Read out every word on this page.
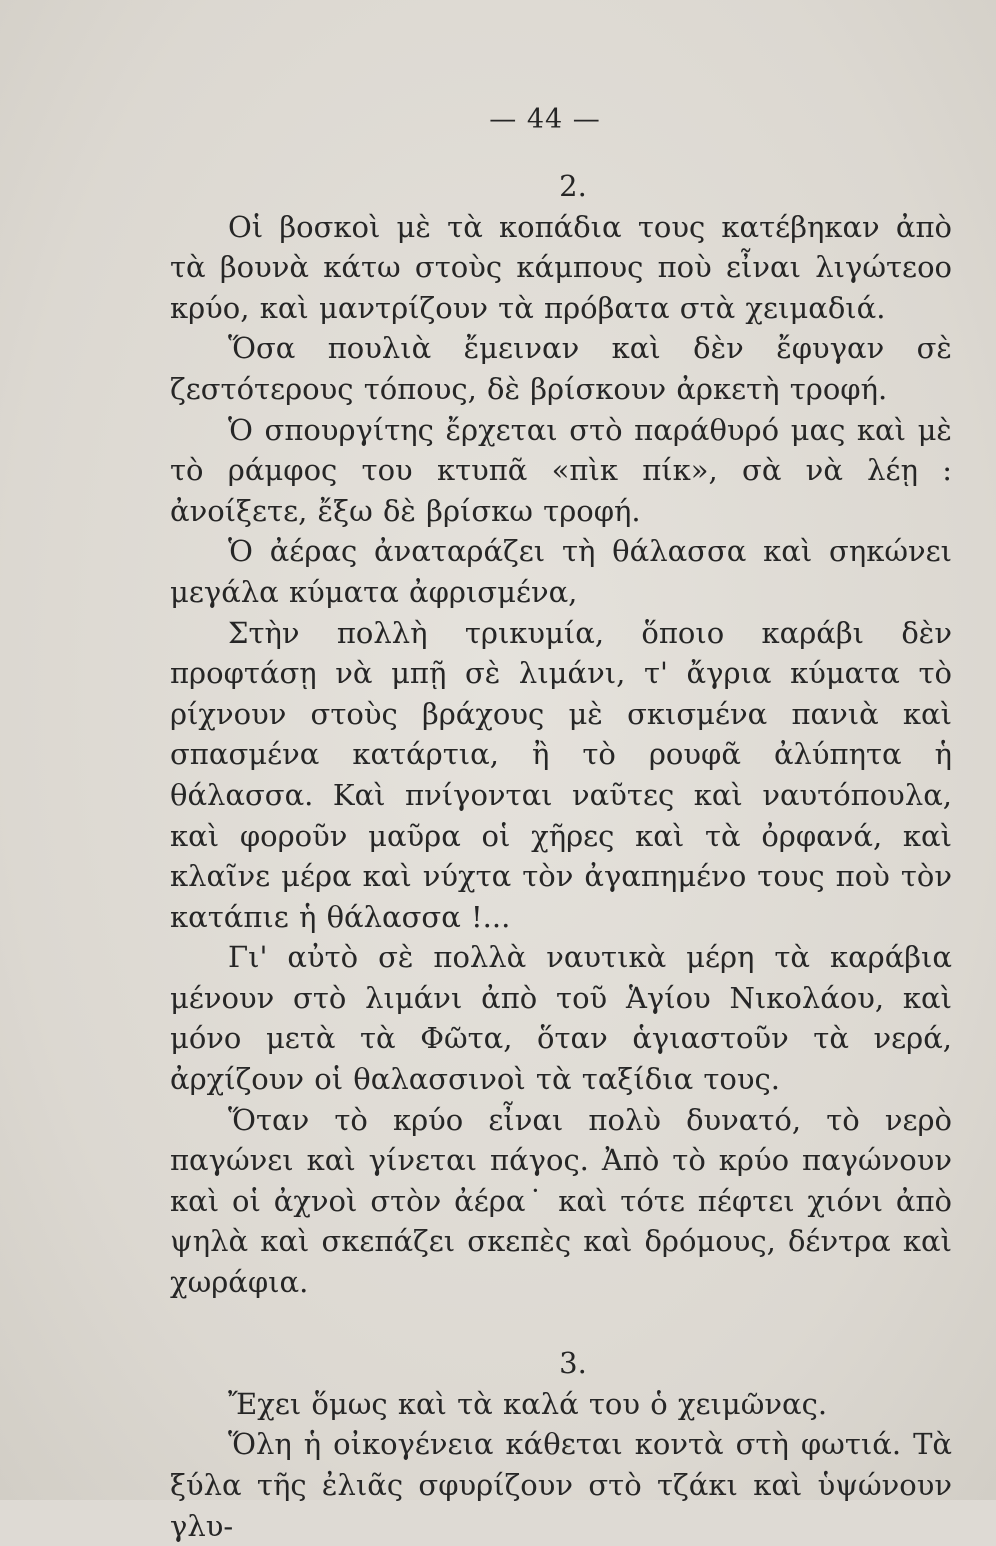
— 44 —
2.

Οἱ βοσκοὶ μὲ τὰ κοπάδια τους κατέβηκαν ἀπὸ τὰ βουνὰ κάτω στοὺς κάμπους ποὺ εἶναι λιγώτεοο κρύο, καὶ μαντρίζουν τὰ πρόβατα στὰ χειμαδιά.

Ὅσα πουλιὰ ἔμειναν καὶ δὲν ἔφυγαν σὲ ζεστότερους τόπους, δὲ βρίσκουν ἀρκετὴ τροφή.

Ὁ σπουργίτης ἔρχεται στὸ παράθυρό μας καὶ μὲ τὸ ράμφος του κτυπᾶ «πὶκ πίκ», σὰ νὰ λέῃ : ἀνοίξετε, ἔξω δὲ βρίσκω τροφή.

Ὁ ἀέρας ἀναταράζει τὴ θάλασσα καὶ σηκώνει μεγάλα κύματα ἀφρισμένα,

Στὴν πολλὴ τρικυμία, ὅποιο καράβι δὲν προφτάσῃ νὰ μπῇ σὲ λιμάνι, τ' ἄγρια κύματα τὸ ρίχνουν στοὺς βράχους μὲ σκισμένα πανιὰ καὶ σπασμένα κατάρτια, ἢ τὸ ρουφᾶ ἀλύπητα ἡ θάλασσα. Καὶ πνίγονται ναῦτες καὶ ναυτόπουλα, καὶ φοροῦν μαῦρα οἱ χῆρες καὶ τὰ ὀρφανά, καὶ κλαῖνε μέρα καὶ νύχτα τὸν ἀγαπημένο τους ποὺ τὸν κατάπιε ἡ θάλασσα !...

Γι' αὐτὸ σὲ πολλὰ ναυτικὰ μέρη τὰ καράβια μένουν στὸ λιμάνι ἀπὸ τοῦ Ἁγίου Νικολάου, καὶ μόνο μετὰ τὰ Φῶτα, ὅταν ἁγιαστοῦν τὰ νερά, ἀρχίζουν οἱ θαλασσινοὶ τὰ ταξίδια τους.

Ὅταν τὸ κρύο εἶναι πολὺ δυνατό, τὸ νερὸ παγώνει καὶ γίνεται πάγος. Ἀπὸ τὸ κρύο παγώνουν καὶ οἱ ἀχνοὶ στὸν ἀέρα˙ καὶ τότε πέφτει χιόνι ἀπὸ ψηλὰ καὶ σκεπάζει σκεπὲς καὶ δρόμους, δέντρα καὶ χωράφια.

3.

Ἔχει ὅμως καὶ τὰ καλά του ὁ χειμῶνας.

Ὅλη ἡ οἰκογένεια κάθεται κοντὰ στὴ φωτιά. Τὰ ξύλα τῆς ἐλιᾶς σφυρίζουν στὸ τζάκι καὶ ὑψώνουν γλυ-
